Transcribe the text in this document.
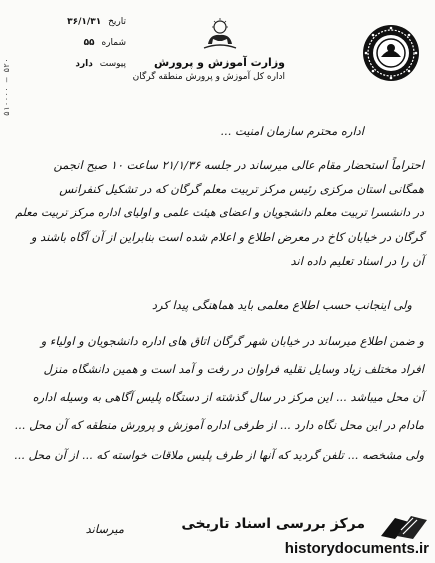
۵۱۰۰۰۰ — ۵۲۰
تاریخ ۳۶/۱/۳۱
شماره ۵۵
پیوست دارد	وزارت آموزش و پرورش
اداره کل آموزش و پرورش منطقه گرگان
اداره محترم سازمان امنیت ...
احتراماً استحضار مقام عالی میرساند در جلسه ۲۱/۱/۳۶ ساعت ۱۰ صبح انجمن
همگانی استان مرکزی رئیس مرکز تربیت معلم گرگان که در تشکیل کنفرانس
در دانشسرا تربیت معلم دانشجویان و اعضای هیئت علمی و اولیای اداره مرکز تربیت معلم
گرگان در خیابان کاخ در معرض اطلاع و اعلام شده است بنابراین از آن آگاه باشند و
آن را در اسناد تعلیم داده اند
ولی اینجانب حسب اطلاع معلمی باید هماهنگی پیدا کرد
و ضمن اطلاع میرساند در خیابان شهر گرگان اتاق های اداره دانشجویان و اولیاء و
افراد مختلف زیاد وسایل نقلیه فراوان در رفت و آمد است و همین دانشگاه منزل
آن محل میباشد ... این مرکز در سال گذشته از دستگاه پلیس آگاهی به وسیله اداره
مادام در این محل نگاه دارد ... از طرفی اداره آموزش و پرورش منطقه که آن محل ...
ولی مشخصه ... تلفن گردید که آنها از طرف پلیس ملاقات خواسته که ... از آن محل ...
میرساند	مرکز بررسی اسناد تاریخی
historydocuments.ir
